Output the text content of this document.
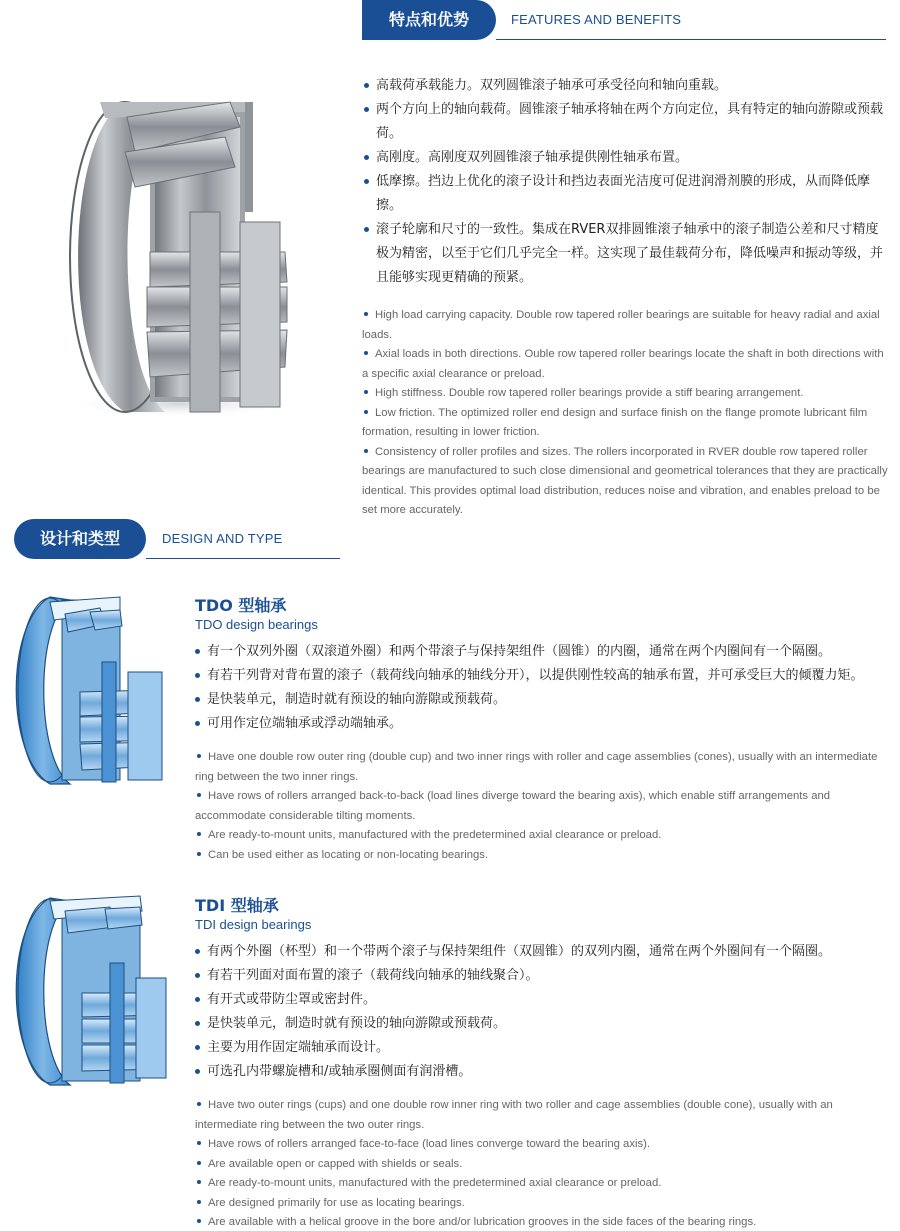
特点和优势	FEATURES AND BENEFITS
高载荷承载能力。双列圆锥滚子轴承可承受径向和轴向重载。
两个方向上的轴向载荷。圆锥滚子轴承将轴在两个方向定位，具有特定的轴向游隙或预载荷。
高刚度。高刚度双列圆锥滚子轴承提供刚性轴承布置。
低摩擦。挡边上优化的滚子设计和挡边表面光洁度可促进润滑剂膜的形成，从而降低摩擦。
滚子轮廓和尺寸的一致性。集成在RVER双排圆锥滚子轴承中的滚子制造公差和尺寸精度极为精密，以至于它们几乎完全一样。这实现了最佳载荷分布，降低噪声和振动等级，并且能够实现更精确的预紧。
High load carrying capacity. Double row tapered roller bearings are suitable for heavy radial and axial loads.
Axial loads in both directions. Ouble row tapered roller bearings locate the shaft in both directions with a specific axial clearance or preload.
High stiffness. Double row tapered roller bearings provide a stiff bearing arrangement.
Low friction. The optimized roller end design and surface finish on the flange promote lubricant film formation, resulting in lower friction.
Consistency of roller profiles and sizes. The rollers incorporated in RVER double row tapered roller bearings are manufactured to such close dimensional and geometrical tolerances that they are practically identical. This provides optimal load distribution, reduces noise and vibration, and enables preload to be set more accurately.
设计和类型	DESIGN AND TYPE
TDO 型轴承
TDO design bearings
有一个双列外圈（双滚道外圈）和两个带滚子与保持架组件（圆锥）的内圈，通常在两个内圈间有一个隔圈。
有若干列背对背布置的滚子（载荷线向轴承的轴线分开），以提供刚性较高的轴承布置，并可承受巨大的倾覆力矩。
是快装单元，制造时就有预设的轴向游隙或预载荷。
可用作定位端轴承或浮动端轴承。
Have one double row outer ring (double cup) and two inner rings with roller and cage assemblies (cones), usually with an intermediate ring between the two inner rings.
Have rows of rollers arranged back-to-back (load lines diverge toward the bearing axis), which enable stiff arrangements and accommodate considerable tilting moments.
Are ready-to-mount units, manufactured with the predetermined axial clearance or preload.
Can be used either as locating or non-locating bearings.
TDI 型轴承
TDI design bearings
有两个外圈（杯型）和一个带两个滚子与保持架组件（双圆锥）的双列内圈，通常在两个外圈间有一个隔圈。
有若干列面对面布置的滚子（载荷线向轴承的轴线聚合）。
有开式或带防尘罩或密封件。
是快装单元，制造时就有预设的轴向游隙或预载荷。
主要为用作固定端轴承而设计。
可选孔内带螺旋槽和/或轴承圈侧面有润滑槽。
Have two outer rings (cups) and one double row inner ring with two roller and cage assemblies (double cone), usually with an intermediate ring between the two outer rings.
Have rows of rollers arranged face-to-face (load lines converge toward the bearing axis).
Are available open or capped with shields or seals.
Are ready-to-mount units, manufactured with the predetermined axial clearance or preload.
Are designed primarily for use as locating bearings.
Are available with a helical groove in the bore and/or lubrication grooves in the side faces of the bearing rings.
